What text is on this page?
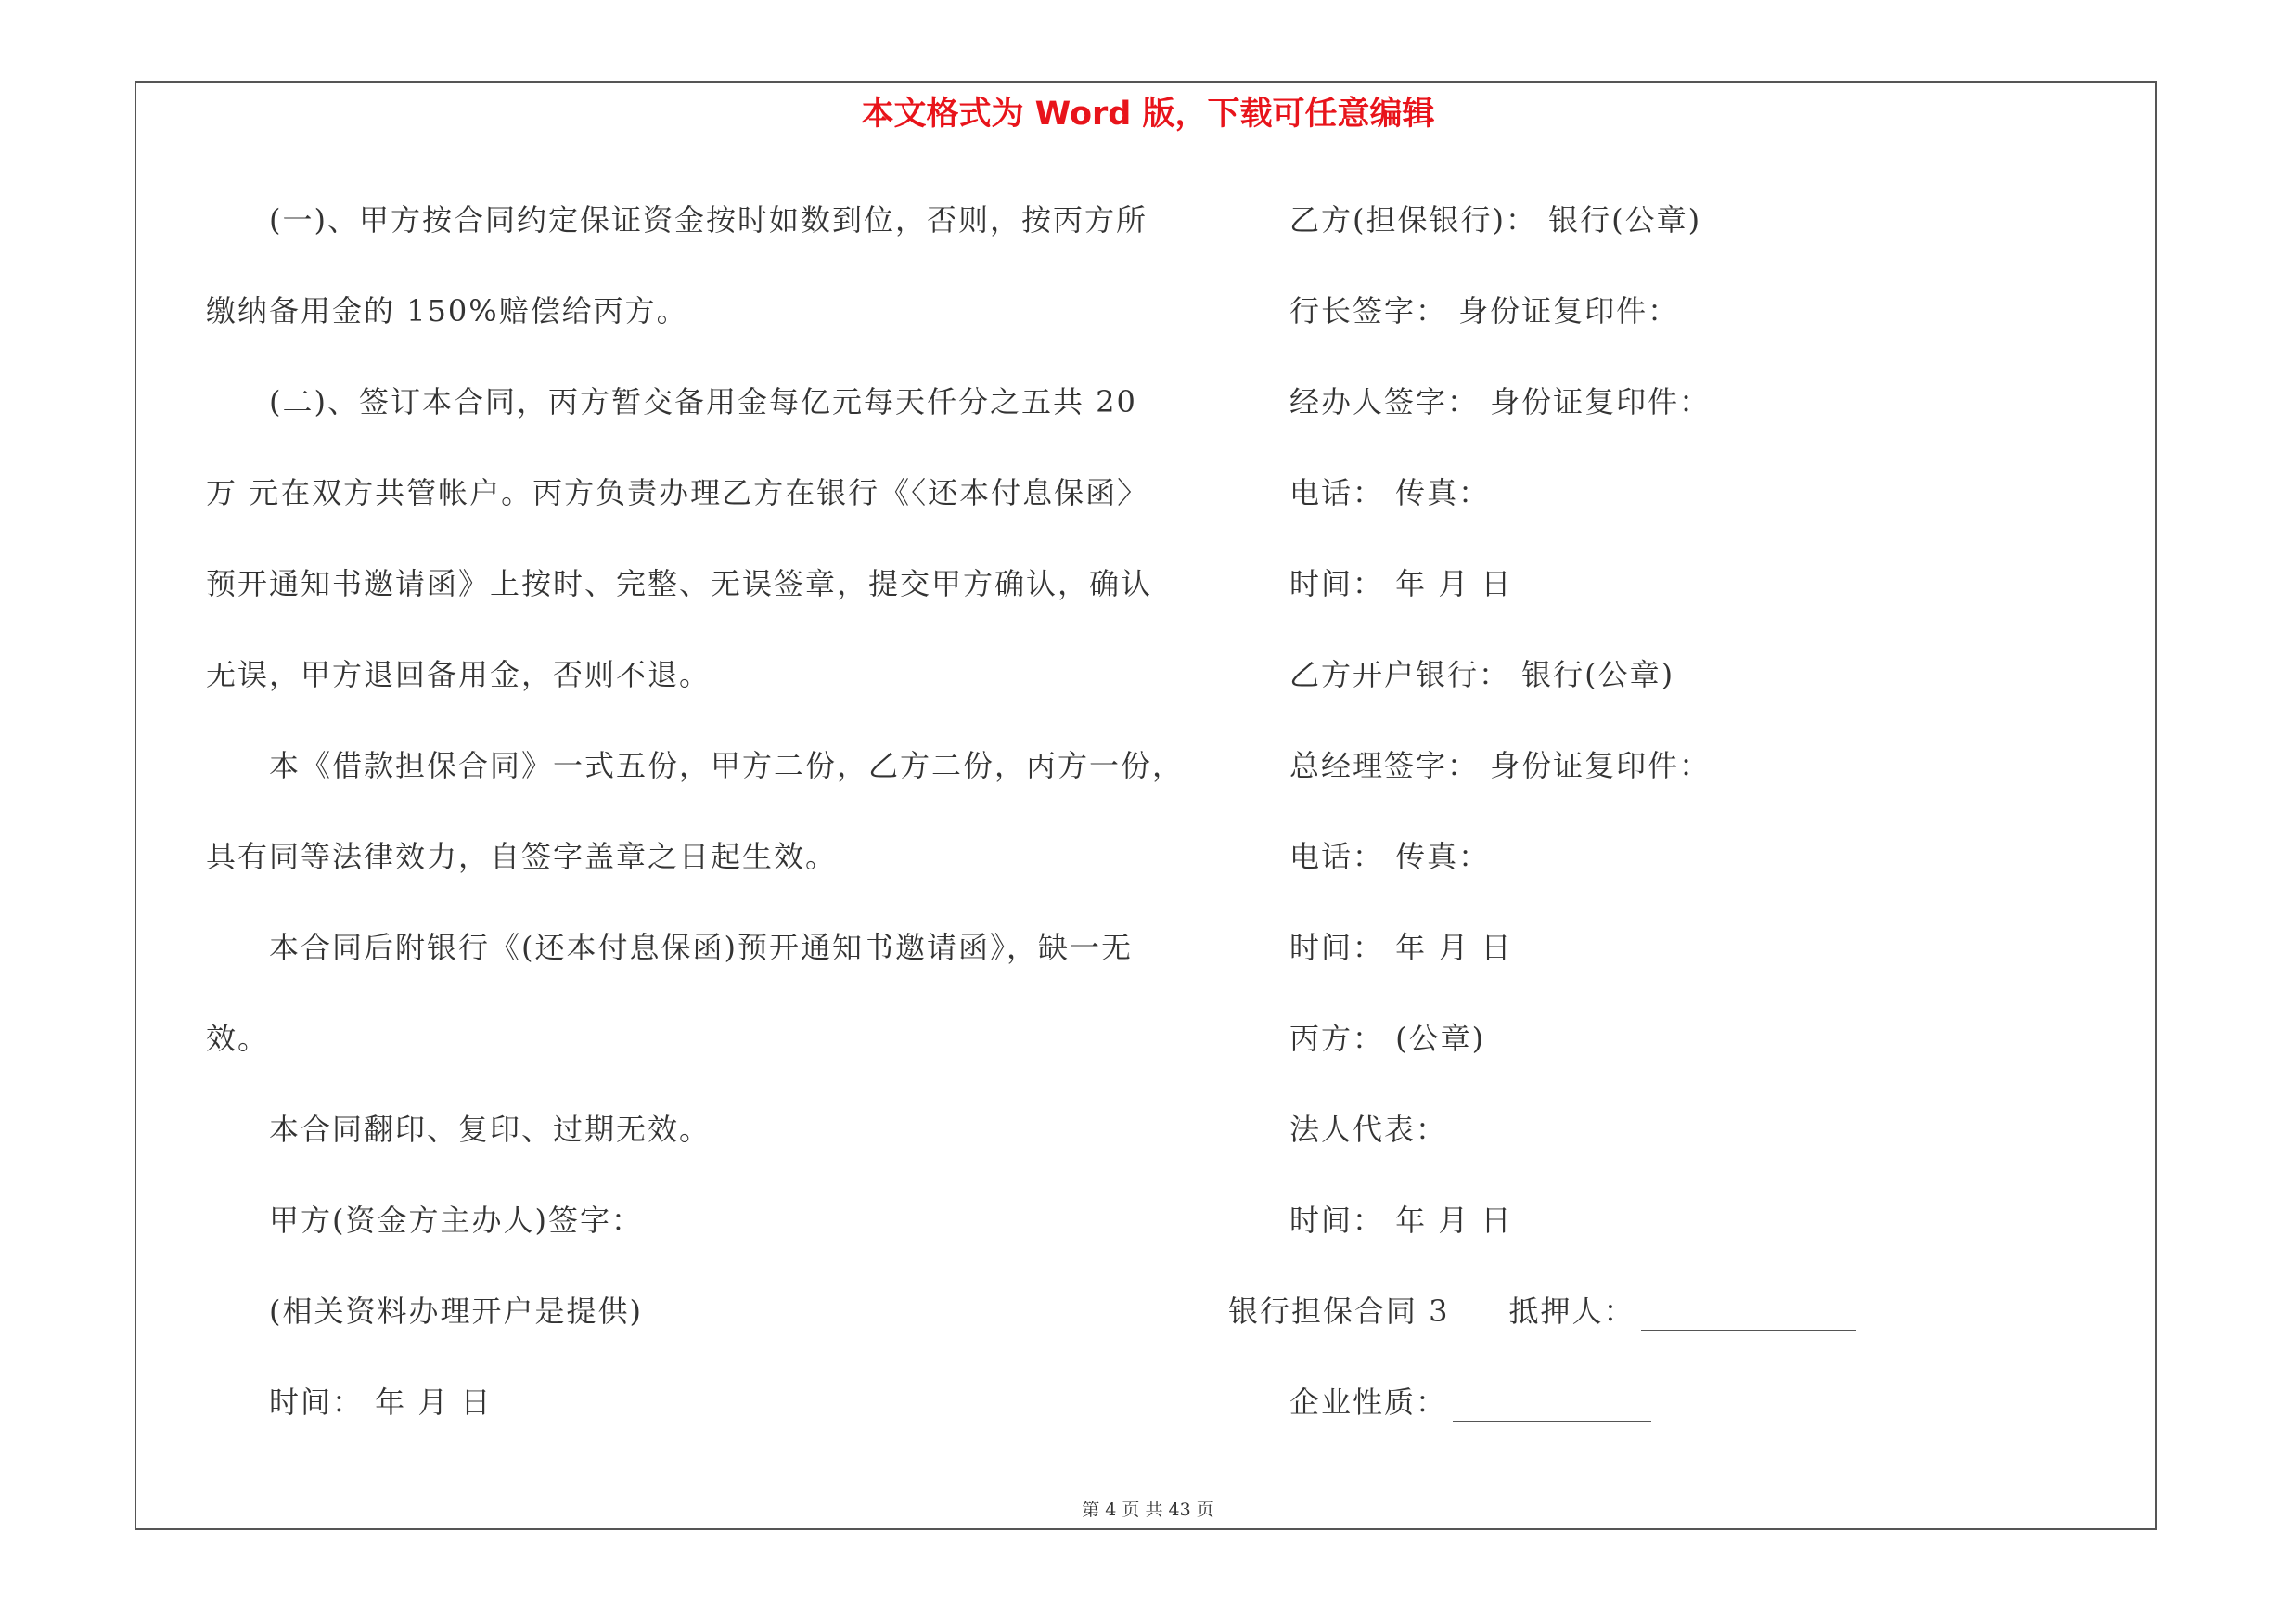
本文格式为 Word 版，下载可任意编辑
(一)、甲方按合同约定保证资金按时如数到位，否则，按丙方所
缴纳备用金的 150%赔偿给丙方。
(二)、签订本合同，丙方暂交备用金每亿元每天仟分之五共 20
万 元在双方共管帐户。丙方负责办理乙方在银行《〈还本付息保函〉
预开通知书邀请函》上按时、完整、无误签章，提交甲方确认，确认
无误，甲方退回备用金，否则不退。
本《借款担保合同》一式五份，甲方二份，乙方二份，丙方一份，
具有同等法律效力，自签字盖章之日起生效。
本合同后附银行《(还本付息保函)预开通知书邀请函》，缺一无
效。
本合同翻印、复印、过期无效。
甲方(资金方主办人)签字：
(相关资料办理开户是提供)
时间： 年 月 日
乙方(担保银行)： 银行(公章)
行长签字： 身份证复印件：
经办人签字： 身份证复印件：
电话： 传真：
时间： 年 月 日
乙方开户银行： 银行(公章)
总经理签字： 身份证复印件：
电话： 传真：
时间： 年 月 日
丙方： (公章)
法人代表：
时间： 年 月 日
银行担保合同 3 抵押人：
企业性质：
第 4 页 共 43 页
